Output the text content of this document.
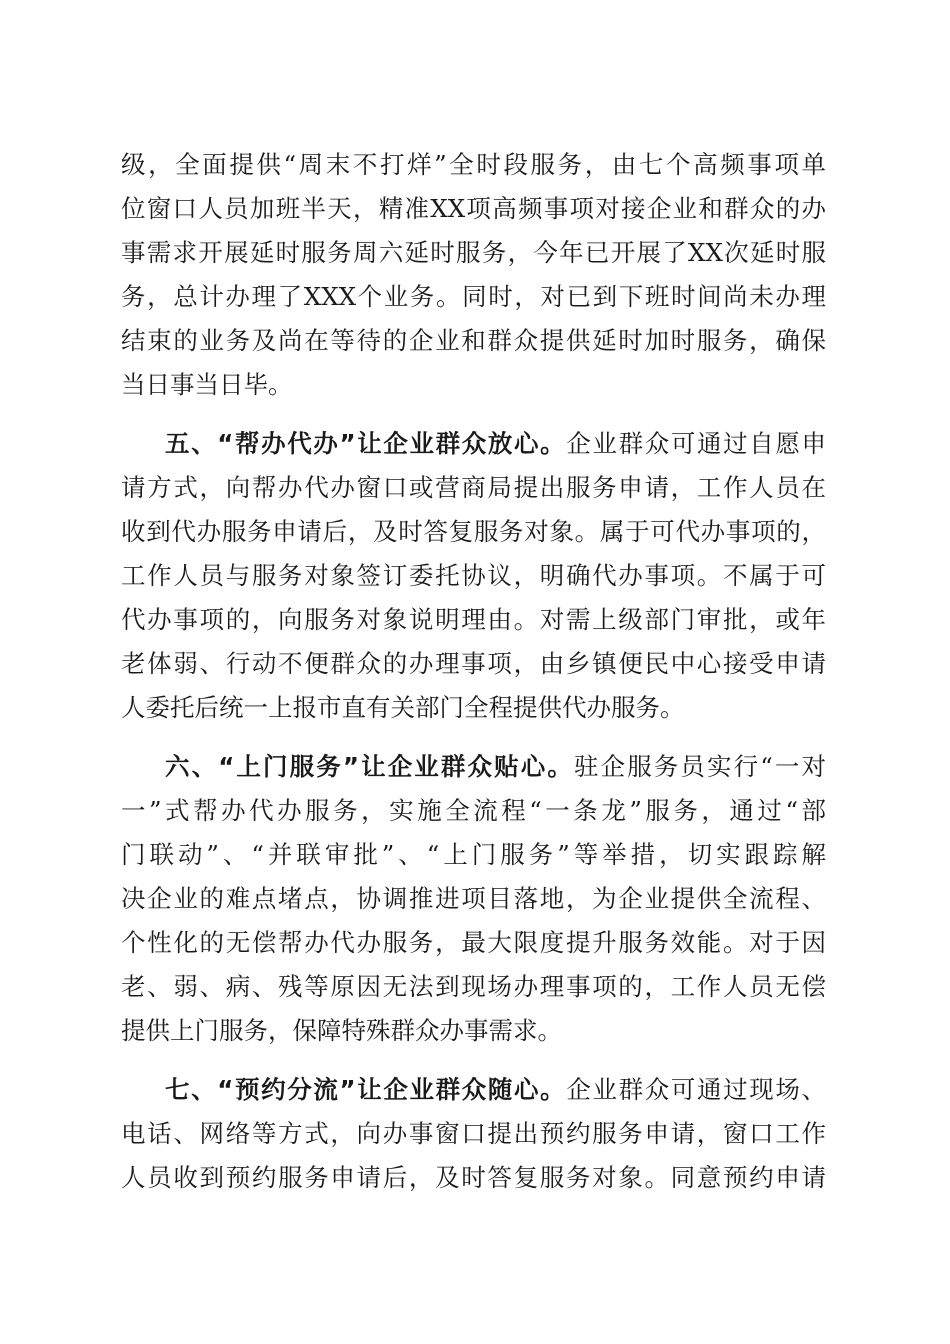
级，全面提供“周末不打烊”全时段服务，由七个高频事项单
位窗口人员加班半天，精准XX项高频事项对接企业和群众的办
事需求开展延时服务周六延时服务，今年已开展了XX次延时服
务，总计办理了XXX个业务。同时，对已到下班时间尚未办理
结束的业务及尚在等待的企业和群众提供延时加时服务，确保
当日事当日毕。
五、“帮办代办”让企业群众放心。企业群众可通过自愿申
请方式，向帮办代办窗口或营商局提出服务申请，工作人员在
收到代办服务申请后，及时答复服务对象。属于可代办事项的，
工作人员与服务对象签订委托协议，明确代办事项。不属于可
代办事项的，向服务对象说明理由。对需上级部门审批，或年
老体弱、行动不便群众的办理事项，由乡镇便民中心接受申请
人委托后统一上报市直有关部门全程提供代办服务。
六、“上门服务”让企业群众贴心。驻企服务员实行“一对
一”式帮办代办服务，实施全流程“一条龙”服务，通过“部
门联动”、“并联审批”、“上门服务”等举措，切实跟踪解
决企业的难点堵点，协调推进项目落地，为企业提供全流程、
个性化的无偿帮办代办服务，最大限度提升服务效能。对于因
老、弱、病、残等原因无法到现场办理事项的，工作人员无偿
提供上门服务，保障特殊群众办事需求。
七、“预约分流”让企业群众随心。企业群众可通过现场、
电话、网络等方式，向办事窗口提出预约服务申请，窗口工作
人员收到预约服务申请后，及时答复服务对象。同意预约申请
